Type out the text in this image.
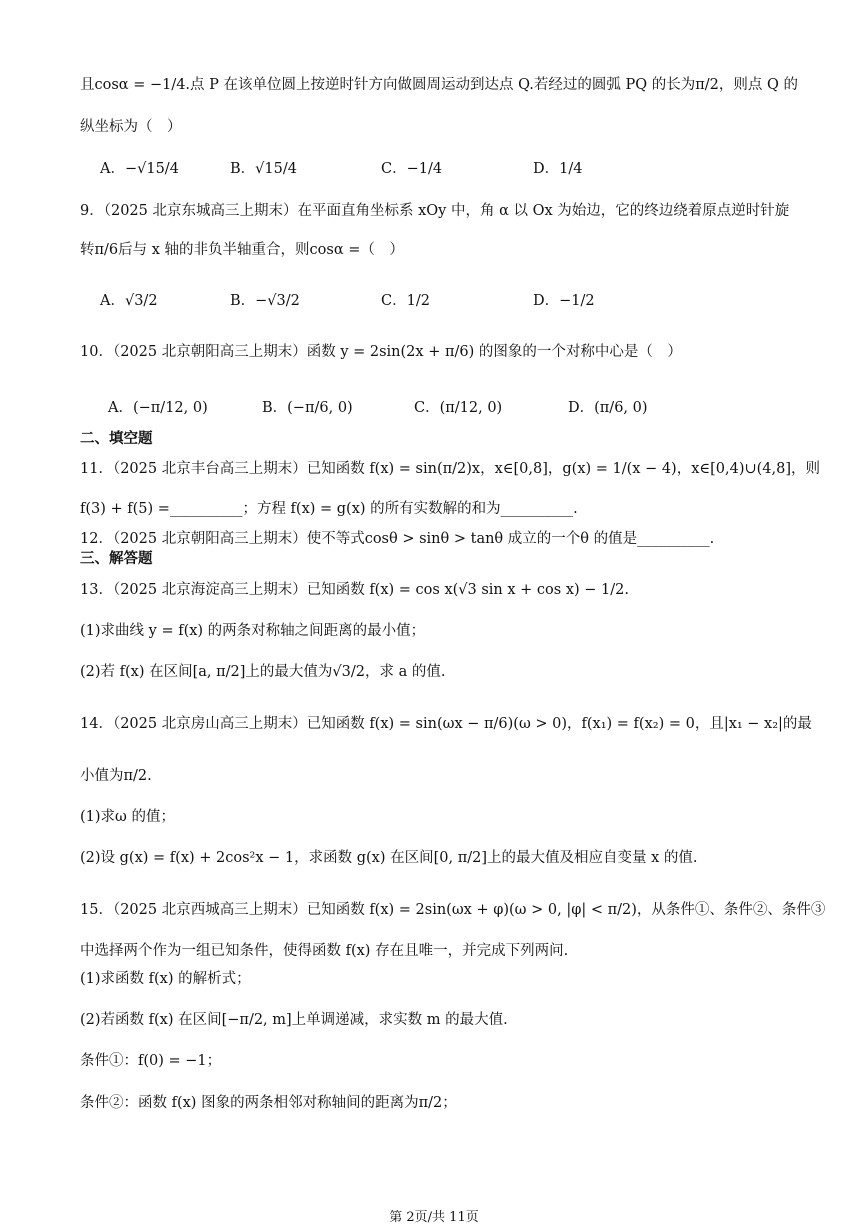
且cosα = −1/4.点 P 在该单位圆上按逆时针方向做圆周运动到达点 Q.若经过的圆弧 PQ 的长为π/2，则点 Q 的
纵坐标为（　）
A．−√15/4	B．√15/4	C．−1/4	D．1/4
9．（2025 北京东城高三上期末）在平面直角坐标系 xOy 中，角 α 以 Ox 为始边，它的终边绕着原点逆时针旋
转π/6后与 x 轴的非负半轴重合，则cosα =（　）
A．√3/2	B．−√3/2	C．1/2	D．−1/2
10．（2025 北京朝阳高三上期末）函数 y = 2sin(2x + π/6) 的图象的一个对称中心是（　）
A．(−π/12, 0)	B．(−π/6, 0)	C．(π/12, 0)	D．(π/6, 0)
二、填空题
11．（2025 北京丰台高三上期末）已知函数 f(x) = sin(π/2)x，x∈[0,8]，g(x) = 1/(x − 4)，x∈[0,4)∪(4,8]，则
f(3) + f(5) =__________；方程 f(x) = g(x) 的所有实数解的和为__________.
12．（2025 北京朝阳高三上期末）使不等式cosθ > sinθ > tanθ 成立的一个θ 的值是__________.
三、解答题
13．（2025 北京海淀高三上期末）已知函数 f(x) = cos x(√3 sin x + cos x) − 1/2.
(1)求曲线 y = f(x) 的两条对称轴之间距离的最小值；
(2)若 f(x) 在区间[a, π/2]上的最大值为√3/2，求 a 的值.
14．（2025 北京房山高三上期末）已知函数 f(x) = sin(ωx − π/6)(ω > 0)，f(x₁) = f(x₂) = 0，且|x₁ − x₂|的最
小值为π/2.
(1)求ω 的值；
(2)设 g(x) = f(x) + 2cos²x − 1，求函数 g(x) 在区间[0, π/2]上的最大值及相应自变量 x 的值.
15．（2025 北京西城高三上期末）已知函数 f(x) = 2sin(ωx + φ)(ω > 0, |φ| < π/2)，从条件①、条件②、条件③
中选择两个作为一组已知条件，使得函数 f(x) 存在且唯一，并完成下列两问.
(1)求函数 f(x) 的解析式；
(2)若函数 f(x) 在区间[−π/2, m]上单调递减，求实数 m 的最大值.
条件①：f(0) = −1；
条件②：函数 f(x) 图象的两条相邻对称轴间的距离为π/2；
第 2页/共 11页
